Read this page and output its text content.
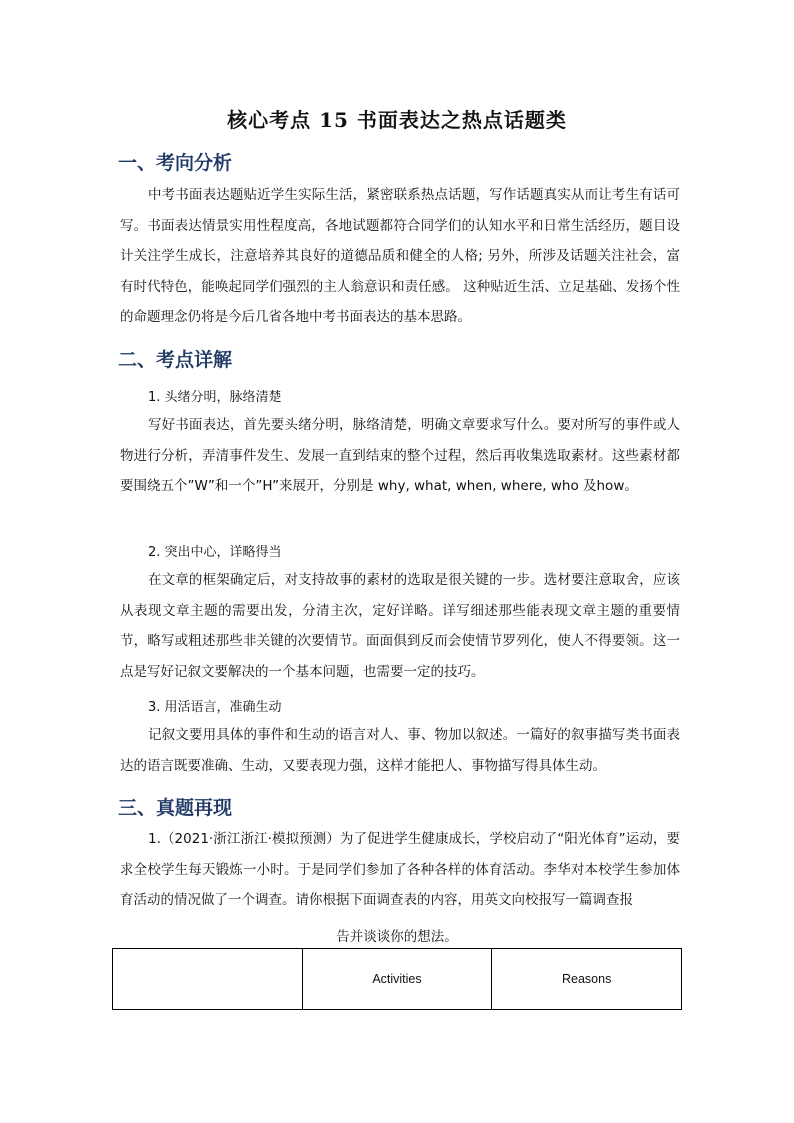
核心考点 15 书面表达之热点话题类
一、考向分析

中考书面表达题贴近学生实际生活，紧密联系热点话题，写作话题真实从而让考生有话可写。书面表达情景实用性程度高，各地试题都符合同学们的认知水平和日常生活经历，题目设计关注学生成长，注意培养其良好的道德品质和健全的人格; 另外，所涉及话题关注社会，富有时代特色，能唤起同学们强烈的主人翁意识和责任感。 这种贴近生活、立足基础、发扬个性的命题理念仍将是今后几省各地中考书面表达的基本思路。

二、考点详解
1. 头绪分明，脉络清楚

写好书面表达，首先要头绪分明，脉络清楚，明确文章要求写什么。要对所写的事件或人物进行分析，弄清事件发生、发展一直到结束的整个过程，然后再收集选取素材。这些素材都要围绕五个”W”和一个”H”来展开，分别是 why, what, when, where, who 及how。

2. 突出中心，详略得当

在文章的框架确定后，对支持故事的素材的选取是很关键的一步。选材要注意取舍，应该从表现文章主题的需要出发，分清主次，定好详略。详写细述那些能表现文章主题的重要情节，略写或粗述那些非关键的次要情节。面面俱到反而会使情节罗列化，使人不得要领。这一点是写好记叙文要解决的一个基本问题，也需要一定的技巧。

3. 用活语言，准确生动

记叙文要用具体的事件和生动的语言对人、事、物加以叙述。一篇好的叙事描写类书面表达的语言既要准确、生动，又要表现力强，这样才能把人、事物描写得具体生动。

三、真题再现

1.（2021·浙江浙江·模拟预测）为了促进学生健康成长，学校启动了“阳光体育”运动，要求全校学生每天锻炼一小时。于是同学们参加了各种各样的体育活动。李华对本校学生参加体育活动的情况做了一个调查。请你根据下面调查表的内容，用英文向校报写一篇调查报

告并谈谈你的想法。
	Activities	Reasons
